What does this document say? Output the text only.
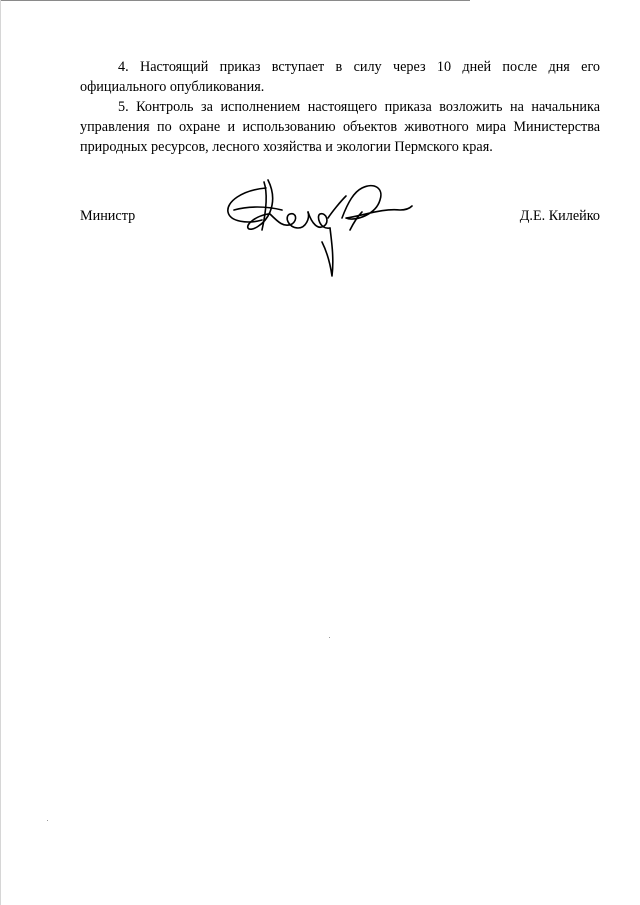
4. Настоящий приказ вступает в силу через 10 дней после дня его официального опубликования.

5. Контроль за исполнением настоящего приказа возложить на начальника управления по охране и использованию объектов животного мира Министерства природных ресурсов, лесного хозяйства и экологии Пермского края.

Министр	Д.Е. Килейко
